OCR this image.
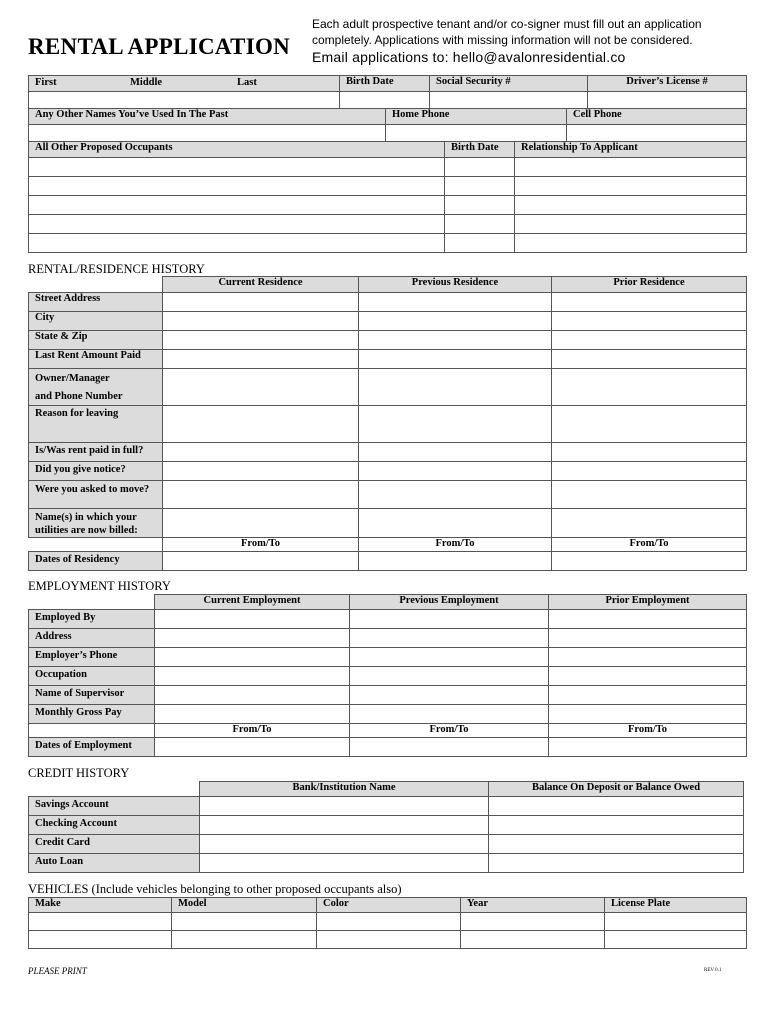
RENTAL APPLICATION
Each adult prospective tenant and/or co-signer must fill out an application completely. Applications with missing information will not be considered.
Email applications to: hello@avalonresidential.co
First Middle Last	Birth Date	Social Security #	Driver’s License #

Any Other Names You’ve Used In The Past	Home Phone	Cell Phone

All Other Proposed Occupants	Birth Date	Relationship To Applicant

RENTAL/RESIDENCE HISTORY
	Current Residence	Previous Residence	Prior Residence
Street Address			
City			
State & Zip			
Last Rent Amount Paid			

Owner/Manager
and Phone Number			

Reason for leaving			
Is/Was rent paid in full?			
Did you give notice?			
Were you asked to move?			
Name(s) in which your utilities are now billed:			
	From/To	From/To	From/To
Dates of Residency			
EMPLOYMENT HISTORY
	Current Employment	Previous Employment	Prior Employment
Employed By			
Address			
Employer’s Phone			
Occupation			
Name of Supervisor			
Monthly Gross Pay			
	From/To	From/To	From/To
Dates of Employment			
CREDIT HISTORY
	Bank/Institution Name	Balance On Deposit or Balance Owed
Savings Account		
Checking Account		
Credit Card		
Auto Loan		
VEHICLES (Include vehicles belonging to other proposed occupants also)
Make	Model	Color	Year	License Plate

PLEASE PRINT	REV 0.1
